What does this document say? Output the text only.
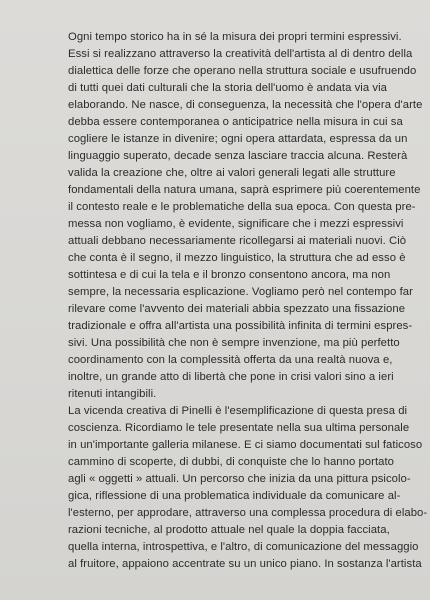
Ogni tempo storico ha in sé la misura dei propri termini espressivi.
Essi si realizzano attraverso la creatività dell'artista al di dentro della
dialettica delle forze che operano nella struttura sociale e usufruendo
di tutti quei dati culturali che la storia dell'uomo è andata via via
elaborando. Ne nasce, di conseguenza, la necessità che l'opera d'arte
debba essere contemporanea o anticipatrice nella misura in cui sa
cogliere le istanze in divenire; ogni opera attardata, espressa da un
linguaggio superato, decade senza lasciare traccia alcuna. Resterà
valida la creazione che, oltre ai valori generali legati alle strutture
fondamentali della natura umana, saprà esprimere più coerentemente
il contesto reale e le problematiche della sua epoca. Con questa pre-
messa non vogliamo, è evidente, significare che i mezzi espressivi
attuali debbano necessariamente ricollegarsi ai materiali nuovi. Ciò
che conta è il segno, il mezzo linguistico, la struttura che ad esso è
sottintesa e di cui la tela e il bronzo consentono ancora, ma non
sempre, la necessaria esplicazione. Vogliamo però nel contempo far
rilevare come l'avvento dei materiali abbia spezzato una fissazione
tradizionale e offra all'artista una possibilità infinita di termini espres-
sivi. Una possibilità che non è sempre invenzione, ma più perfetto
coordinamento con la complessità offerta da una realtà nuova e,
inoltre, un grande atto di libertà che pone in crisi valori sino a ieri
ritenuti intangibili.
La vicenda creativa di Pinelli è l'esemplificazione di questa presa di
coscienza. Ricordiamo le tele presentate nella sua ultima personale
in un'importante galleria milanese. E ci siamo documentati sul faticoso
cammino di scoperte, di dubbi, di conquiste che lo hanno portato
agli « oggetti » attuali. Un percorso che inizia da una pittura psicolo-
gica, riflessione di una problematica individuale da comunicare al-
l'esterno, per approdare, attraverso una complessa procedura di elabo-
razioni tecniche, al prodotto attuale nel quale la doppia facciata,
quella interna, introspettiva, e l'altro, di comunicazione del messaggio
al fruitore, appaiono accentrate su un unico piano. In sostanza l'artista
